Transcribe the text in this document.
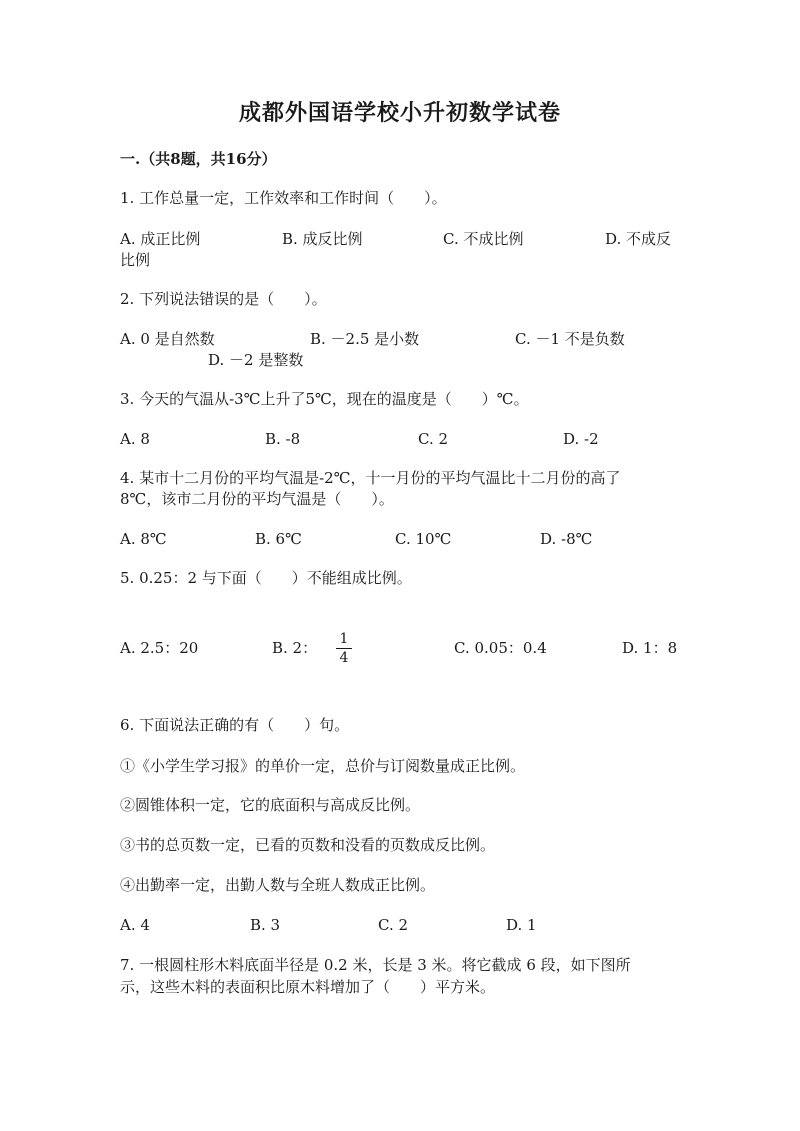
成都外国语学校小升初数学试卷
一.（共8题，共16分）
1. 工作总量一定，工作效率和工作时间（　　）。
A. 成正比例	B. 成反比例	C. 不成比例	D. 不成反
比例
2. 下列说法错误的是（　　）。
A. 0 是自然数	B. －2.5 是小数	C. －1 不是负数
D. －2 是整数
3. 今天的气温从-3℃上升了5℃，现在的温度是（　　）℃。
A. 8	B. -8	C. 2	D. -2
4. 某市十二月份的平均气温是-2℃，十一月份的平均气温比十二月份的高了
8℃，该市二月份的平均气温是（　　）。
A. 8℃	B. 6℃	C. 10℃	D. -8℃
5. 0.25：2 与下面（　　）不能组成比例。
A. 2.5：20	B. 2： 1
4
C. 0.05：0.4	D. 1：8
6. 下面说法正确的有（　　）句。
①《小学生学习报》的单价一定，总价与订阅数量成正比例。
②圆锥体积一定，它的底面积与高成反比例。
③书的总页数一定，已看的页数和没看的页数成反比例。
④出勤率一定，出勤人数与全班人数成正比例。
A. 4	B. 3	C. 2	D. 1
7. 一根圆柱形木料底面半径是 0.2 米，长是 3 米。将它截成 6 段，如下图所
示，这些木料的表面积比原木料增加了（　　）平方米。
